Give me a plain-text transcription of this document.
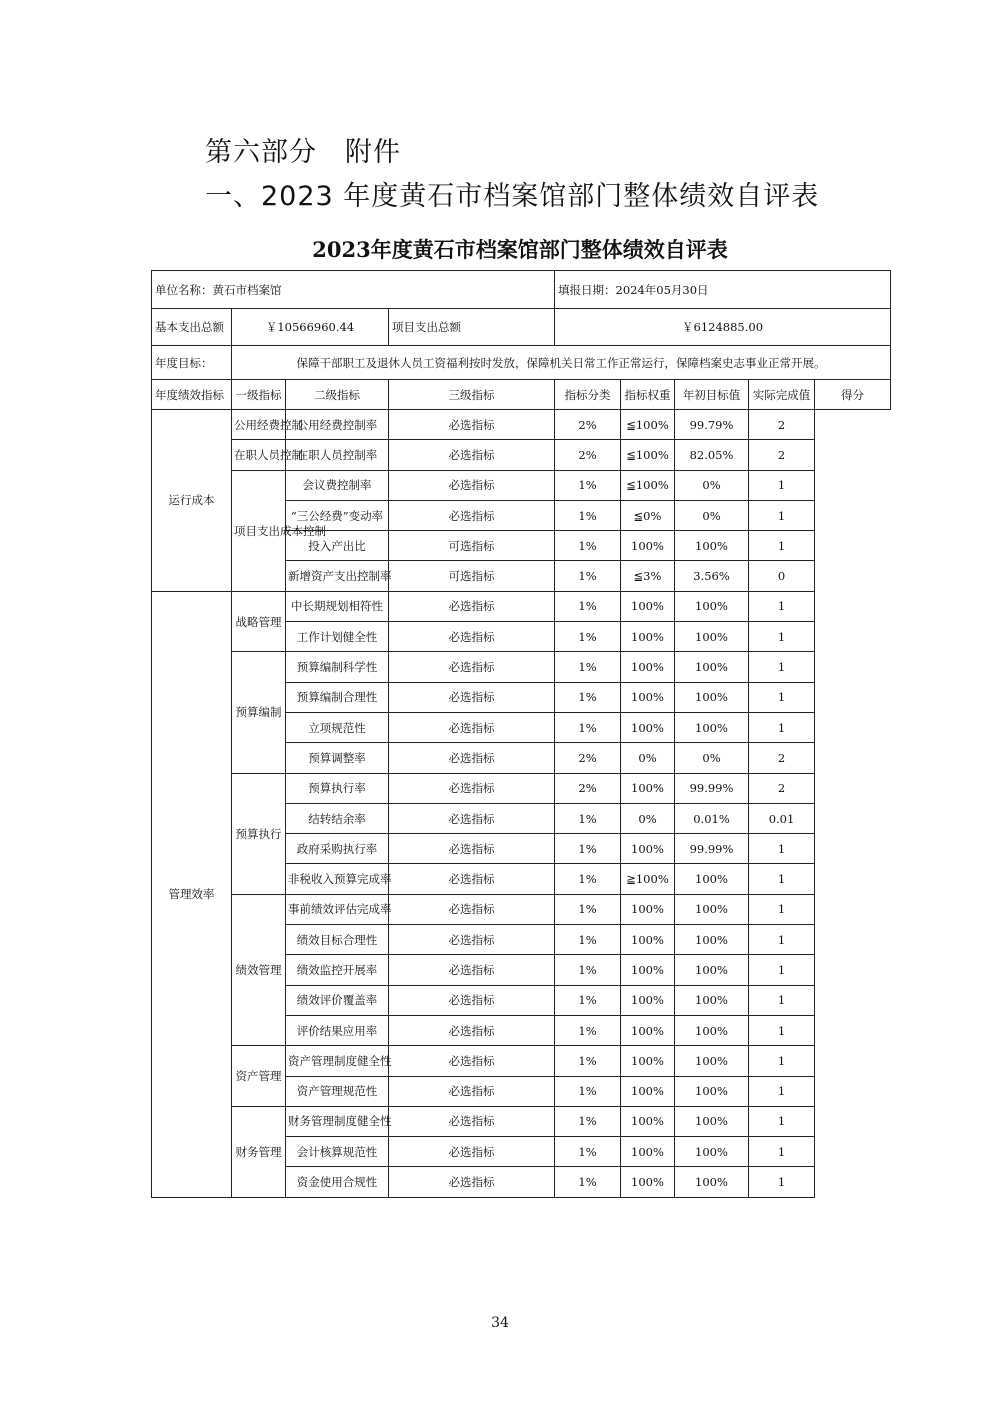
第六部分　附件
一、2023 年度黄石市档案馆部门整体绩效自评表
2023年度黄石市档案馆部门整体绩效自评表
单位名称：黄石市档案馆				填报日期：2024年05月30日				
基本支出总额	￥10566960.44		项目支出总额	￥6124885.00				
年度目标：	保障干部职工及退休人员工资福利按时发放，保障机关日常工作正常运行，保障档案史志事业正常开展。							
年度绩效指标	一级指标	二级指标	三级指标	指标分类	指标权重	年初目标值	实际完成值	得分
运行成本	公用经费控制	公用经费控制率	必选指标	2%	≦100%	99.79%	2	
	在职人员控制	在职人员控制率	必选指标	2%	≦100%	82.05%	2	
	项目支出成本控制	会议费控制率	必选指标	1%	≦100%	0%	1	
		“三公经费”变动率	必选指标	1%	≦0%	0%	1	
		投入产出比	可选指标	1%	100%	100%	1	
		新增资产支出控制率	可选指标	1%	≦3%	3.56%	0	
管理效率	战略管理	中长期规划相符性	必选指标	1%	100%	100%	1	
		工作计划健全性	必选指标	1%	100%	100%	1	
	预算编制	预算编制科学性	必选指标	1%	100%	100%	1	
		预算编制合理性	必选指标	1%	100%	100%	1	
		立项规范性	必选指标	1%	100%	100%	1	
		预算调整率	必选指标	2%	0%	0%	2	
	预算执行	预算执行率	必选指标	2%	100%	99.99%	2	
		结转结余率	必选指标	1%	0%	0.01%	0.01	
		政府采购执行率	必选指标	1%	100%	99.99%	1	
		非税收入预算完成率	必选指标	1%	≧100%	100%	1	
	绩效管理	事前绩效评估完成率	必选指标	1%	100%	100%	1	
		绩效目标合理性	必选指标	1%	100%	100%	1	
		绩效监控开展率	必选指标	1%	100%	100%	1	
		绩效评价覆盖率	必选指标	1%	100%	100%	1	
		评价结果应用率	必选指标	1%	100%	100%	1	
	资产管理	资产管理制度健全性	必选指标	1%	100%	100%	1	
		资产管理规范性	必选指标	1%	100%	100%	1	
	财务管理	财务管理制度健全性	必选指标	1%	100%	100%	1	
		会计核算规范性	必选指标	1%	100%	100%	1	
		资金使用合规性	必选指标	1%	100%	100%	1	
34
